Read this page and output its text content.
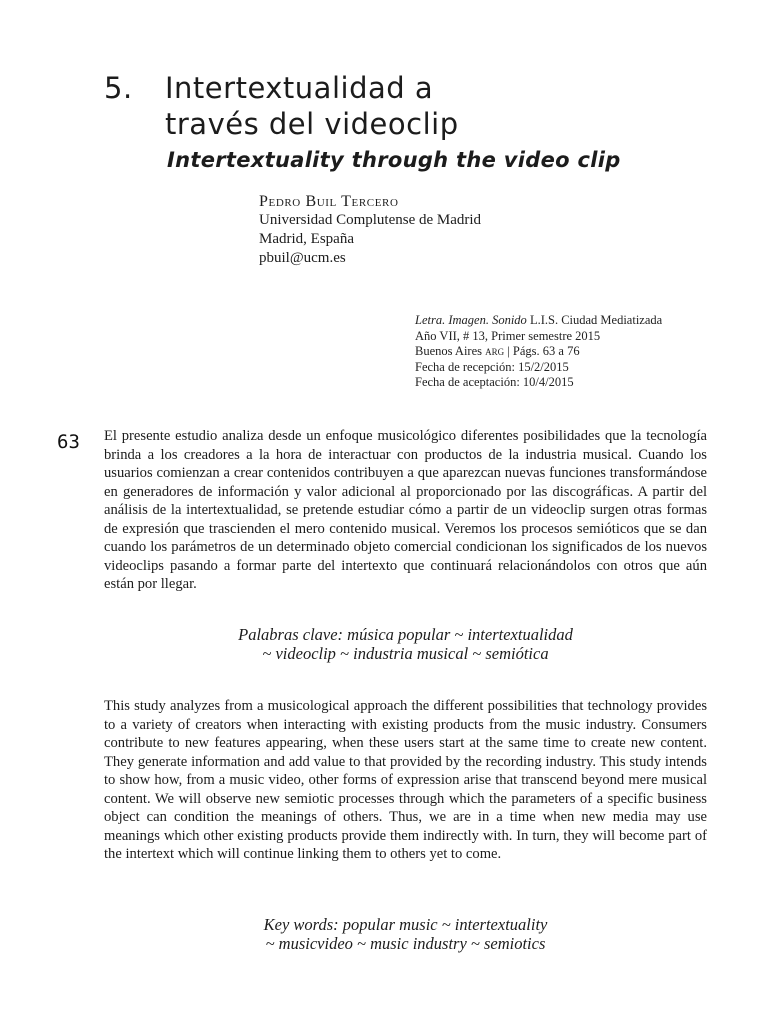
5. Intertextualidad a
través del videoclip
Intertextuality through the video clip
Pedro Buil Tercero
Universidad Complutense de Madrid
Madrid, España
pbuil@ucm.es
Letra. Imagen. Sonido L.I.S. Ciudad Mediatizada
Año VII, # 13, Primer semestre 2015
Buenos Aires arg | Págs. 63 a 76
Fecha de recepción: 15/2/2015
Fecha de aceptación: 10/4/2015
63 El presente estudio analiza desde un enfoque musicológico diferentes posibilidades que la tecnología brinda a los creadores a la hora de interactuar con productos de la industria musical. Cuando los usuarios comienzan a crear contenidos contribuyen a que aparezcan nuevas funciones transformándose en generadores de información y valor adicional al proporcionado por las discográficas. A partir del análisis de la intertextualidad, se pretende estudiar cómo a partir de un videoclip surgen otras formas de expresión que trascienden el mero contenido musical. Veremos los procesos semióticos que se dan cuando los parámetros de un determinado objeto comercial condicionan los significados de los nuevos videoclips pasando a formar parte del intertexto que continuará relacionándolos con otros que aún están por llegar.

Palabras clave: música popular ~ intertextualidad
~ videoclip ~ industria musical ~ semiótica

This study analyzes from a musicological approach the different possibilities that technology provides to a variety of creators when interacting with existing products from the music industry. Consumers contribute to new features appearing, when these users start at the same time to create new content. They generate information and add value to that provided by the recording industry. This study intends to show how, from a music video, other forms of expression arise that transcend beyond mere musical content. We will observe new semiotic processes through which the parameters of a specific business object can condition the meanings of others. Thus, we are in a time when new media may use meanings which other existing products provide them indirectly with. In turn, they will become part of the intertext which will continue linking them to others yet to come.

Key words: popular music ~ intertextuality
~ musicvideo ~ music industry ~ semiotics
